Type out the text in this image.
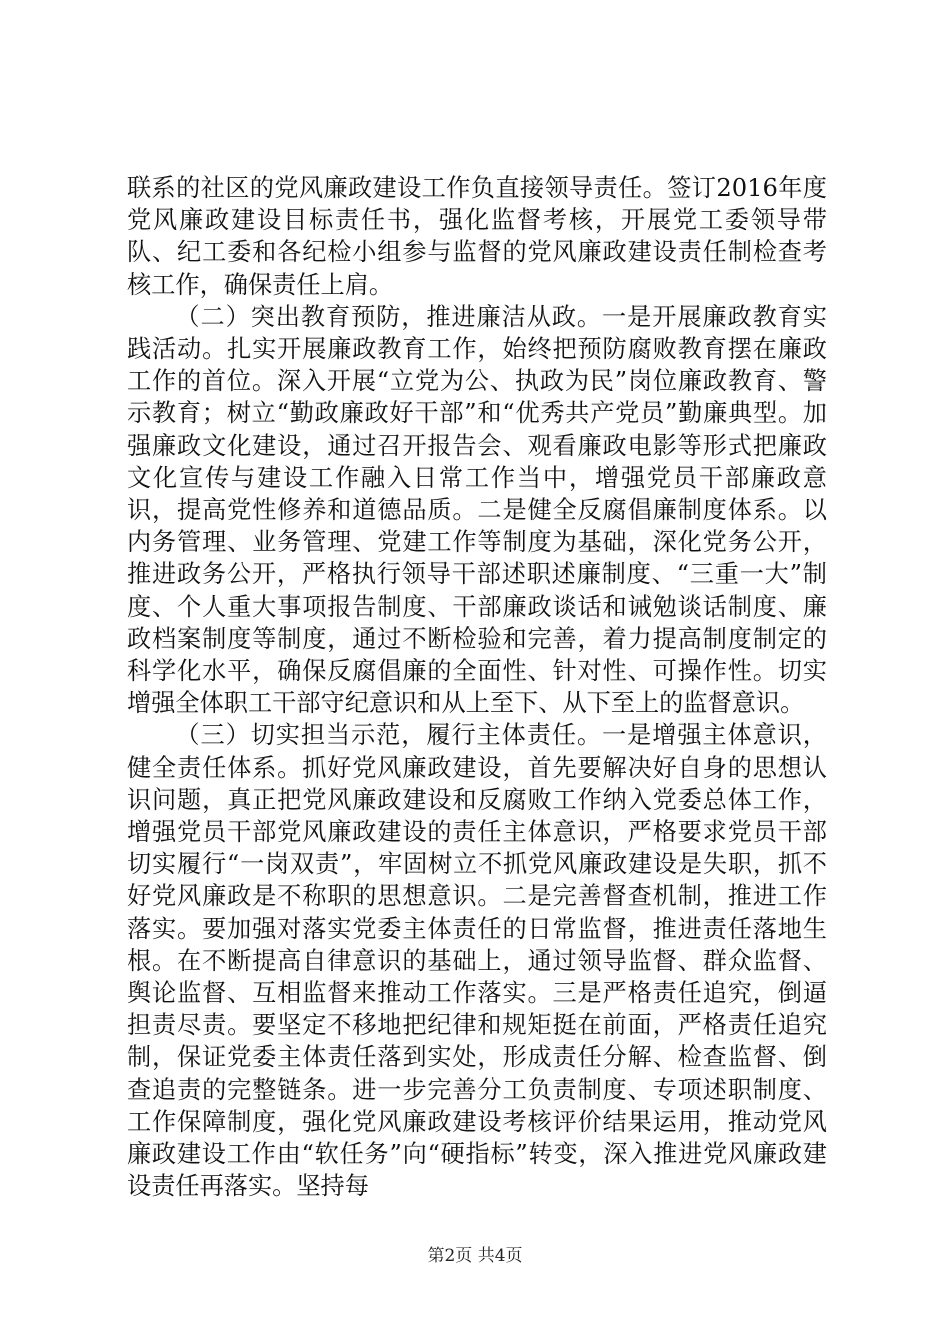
联系的社区的党风廉政建设工作负直接领导责任。签订2016年度党风廉政建设目标责任书，强化监督考核，开展党工委领导带队、纪工委和各纪检小组参与监督的党风廉政建设责任制检查考核工作，确保责任上肩。

（二）突出教育预防，推进廉洁从政。一是开展廉政教育实践活动。扎实开展廉政教育工作，始终把预防腐败教育摆在廉政工作的首位。深入开展“立党为公、执政为民”岗位廉政教育、警示教育；树立“勤政廉政好干部”和“优秀共产党员”勤廉典型。加强廉政文化建设，通过召开报告会、观看廉政电影等形式把廉政文化宣传与建设工作融入日常工作当中，增强党员干部廉政意识，提高党性修养和道德品质。二是健全反腐倡廉制度体系。以内务管理、业务管理、党建工作等制度为基础，深化党务公开，推进政务公开，严格执行领导干部述职述廉制度、“三重一大”制度、个人重大事项报告制度、干部廉政谈话和诫勉谈话制度、廉政档案制度等制度，通过不断检验和完善，着力提高制度制定的科学化水平，确保反腐倡廉的全面性、针对性、可操作性。切实增强全体职工干部守纪意识和从上至下、从下至上的监督意识。

（三）切实担当示范，履行主体责任。一是增强主体意识，健全责任体系。抓好党风廉政建设，首先要解决好自身的思想认识问题，真正把党风廉政建设和反腐败工作纳入党委总体工作，增强党员干部党风廉政建设的责任主体意识，严格要求党员干部切实履行“一岗双责”，牢固树立不抓党风廉政建设是失职，抓不好党风廉政是不称职的思想意识。二是完善督查机制，推进工作落实。要加强对落实党委主体责任的日常监督，推进责任落地生根。在不断提高自律意识的基础上，通过领导监督、群众监督、舆论监督、互相监督来推动工作落实。三是严格责任追究，倒逼担责尽责。要坚定不移地把纪律和规矩挺在前面，严格责任追究制，保证党委主体责任落到实处，形成责任分解、检查监督、倒查追责的完整链条。进一步完善分工负责制度、专项述职制度、工作保障制度，强化党风廉政建设考核评价结果运用，推动党风廉政建设工作由“软任务”向“硬指标”转变，深入推进党风廉政建设责任再落实。坚持每

第2页 共4页
